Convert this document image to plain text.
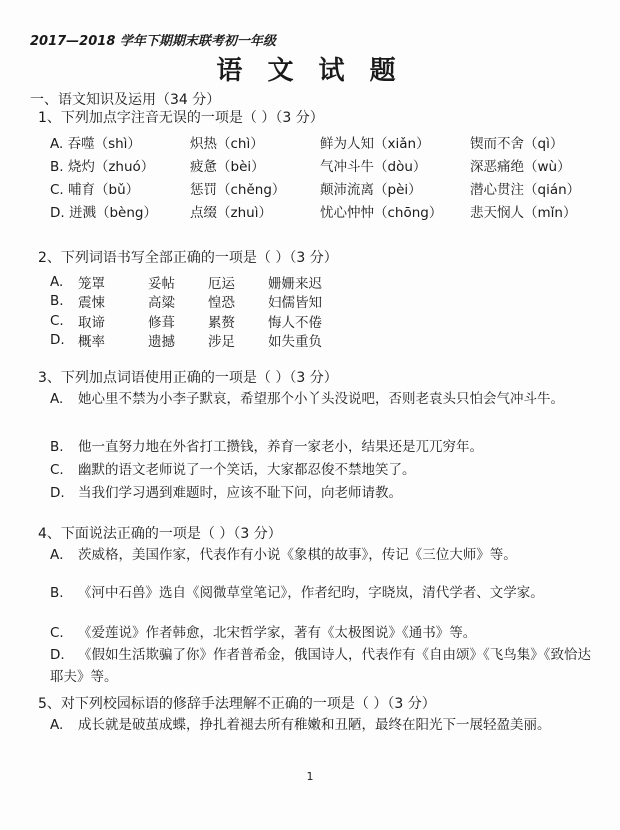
2017—2018 学年下期期末联考初一年级
语 文 试 题
一、语文知识及运用（34 分）
1、下列加点字注音无误的一项是（ ）（3 分）
A. 吞噬（shì）	炽热（chì）	鲜为人知（xiǎn）	锲而不舍（qì）
B. 烧灼（zhuó）	疲惫（bèi）	气冲斗牛（dòu）	深恶痛绝（wù）
C. 哺育（bǔ）	惩罚（chěng）	颠沛流离（pèi）	潜心贯注（qián）
D. 迸溅（bèng）	点缀（zhuì）	忧心忡忡（chōng）	悲天悯人（mǐn）
2、下列词语书写全部正确的一项是（ ）（3 分）
A.	笼罩	妥帖	厄运	姗姗来迟
B.	震悚	高粱	惶恐	妇儒皆知
C.	取谛	修葺	累赘	悔人不倦
D. 概率	遗撼	涉足	如失重负
3、下列加点词语使用正确的一项是（ ）（3 分）
A. 她心里不禁为小李子默哀，希望那个小丫头没说吧，否则老袁头只怕会气冲斗牛。
B. 他一直努力地在外省打工攒钱，养育一家老小，结果还是兀兀穷年。
C. 幽默的语文老师说了一个笑话，大家都忍俊不禁地笑了。
D. 当我们学习遇到难题时，应该不耻下问，向老师请教。
4、下面说法正确的一项是（ ）（3 分）
A． 茨威格，美国作家，代表作有小说《象棋的故事》，传记《三位大师》等。
B. 《河中石兽》选自《阅微草堂笔记》，作者纪昀，字晓岚，清代学者、文学家。
C. 《爱莲说》作者韩愈，北宋哲学家，著有《太极图说》《通书》等。
D. 《假如生活欺骗了你》作者普希金，俄国诗人，代表作有《自由颂》《飞鸟集》《致恰达耶夫》等。
5、对下列校园标语的修辞手法理解不正确的一项是（ ）（3 分）
A. 成长就是破茧成蝶，挣扎着褪去所有稚嫩和丑陋，最终在阳光下一展轻盈美丽。
1
